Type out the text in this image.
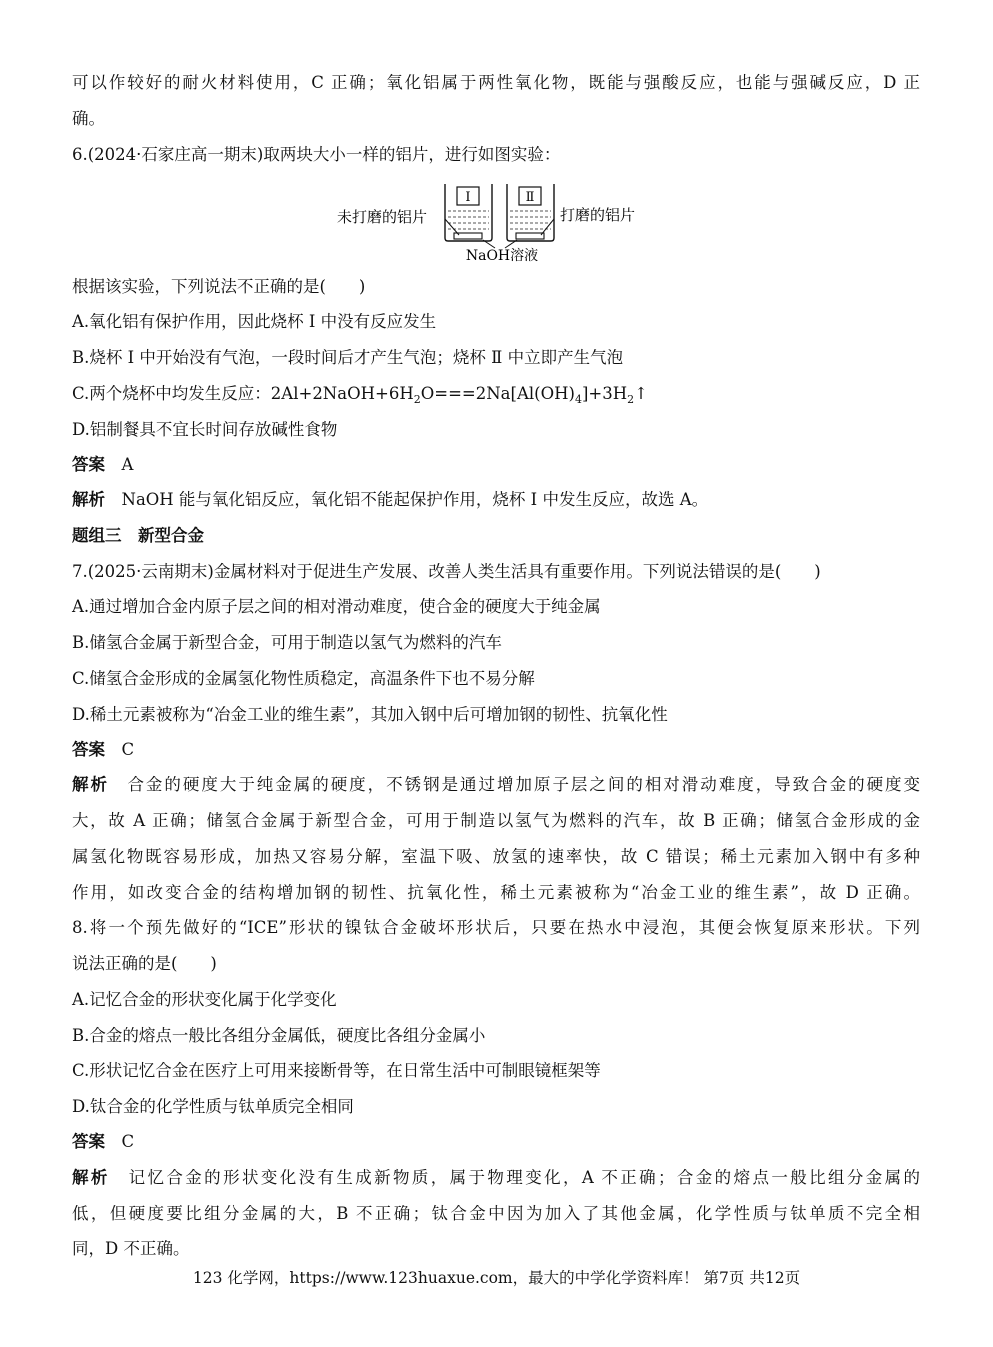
可以作较好的耐火材料使用，C 正确；氧化铝属于两性氧化物，既能与强酸反应，也能与强碱反应，D 正
确。
6.(2024·石家庄高一期末)取两块大小一样的铝片，进行如图实验：
Ⅰ	Ⅱ
未打磨的铝片	打磨的铝片
NaOH溶液
根据该实验，下列说法不正确的是(　　)
A.氧化铝有保护作用，因此烧杯 Ⅰ 中没有反应发生
B.烧杯 Ⅰ 中开始没有气泡，一段时间后才产生气泡；烧杯 Ⅱ 中立即产生气泡
C.两个烧杯中均发生反应：$2Al+2NaOH+6H_2O===2Na[Al(OH)_4]+3H_2↑$
D.铝制餐具不宜长时间存放碱性食物
答案　 A
解析　 NaOH 能与氧化铝反应，氧化铝不能起保护作用，烧杯 Ⅰ 中发生反应，故选 A。
题组三　新型合金
7.(2025·云南期末)金属材料对于促进生产发展、改善人类生活具有重要作用。下列说法错误的是(　　)
A.通过增加合金内原子层之间的相对滑动难度，使合金的硬度大于纯金属
B.储氢合金属于新型合金，可用于制造以氢气为燃料的汽车
C.储氢合金形成的金属氢化物性质稳定，高温条件下也不易分解
D.稀土元素被称为“冶金工业的维生素”，其加入钢中后可增加钢的韧性、抗氧化性
答案　 C
解析　 合金的硬度大于纯金属的硬度，不锈钢是通过增加原子层之间的相对滑动难度，导致合金的硬度变
大，故 A 正确；储氢合金属于新型合金，可用于制造以氢气为燃料的汽车，故 B 正确；储氢合金形成的金
属氢化物既容易形成，加热又容易分解，室温下吸、放氢的速率快，故 C 错误；稀土元素加入钢中有多种
作用，如改变合金的结构增加钢的韧性、抗氧化性，稀土元素被称为“冶金工业的维生素”，故 D 正确。
8.将一个预先做好的“ICE”形状的镍钛合金破坏形状后，只要在热水中浸泡，其便会恢复原来形状。下列
说法正确的是(　　)
A.记忆合金的形状变化属于化学变化
B.合金的熔点一般比各组分金属低，硬度比各组分金属小
C.形状记忆合金在医疗上可用来接断骨等，在日常生活中可制眼镜框架等
D.钛合金的化学性质与钛单质完全相同
答案　 C
解析　 记忆合金的形状变化没有生成新物质，属于物理变化，A 不正确；合金的熔点一般比组分金属的
低，但硬度要比组分金属的大，B 不正确；钛合金中因为加入了其他金属，化学性质与钛单质不完全相
同，D 不正确。
123 化学网，https://www.123huaxue.com，最大的中学化学资料库！ 第7页 共12页
